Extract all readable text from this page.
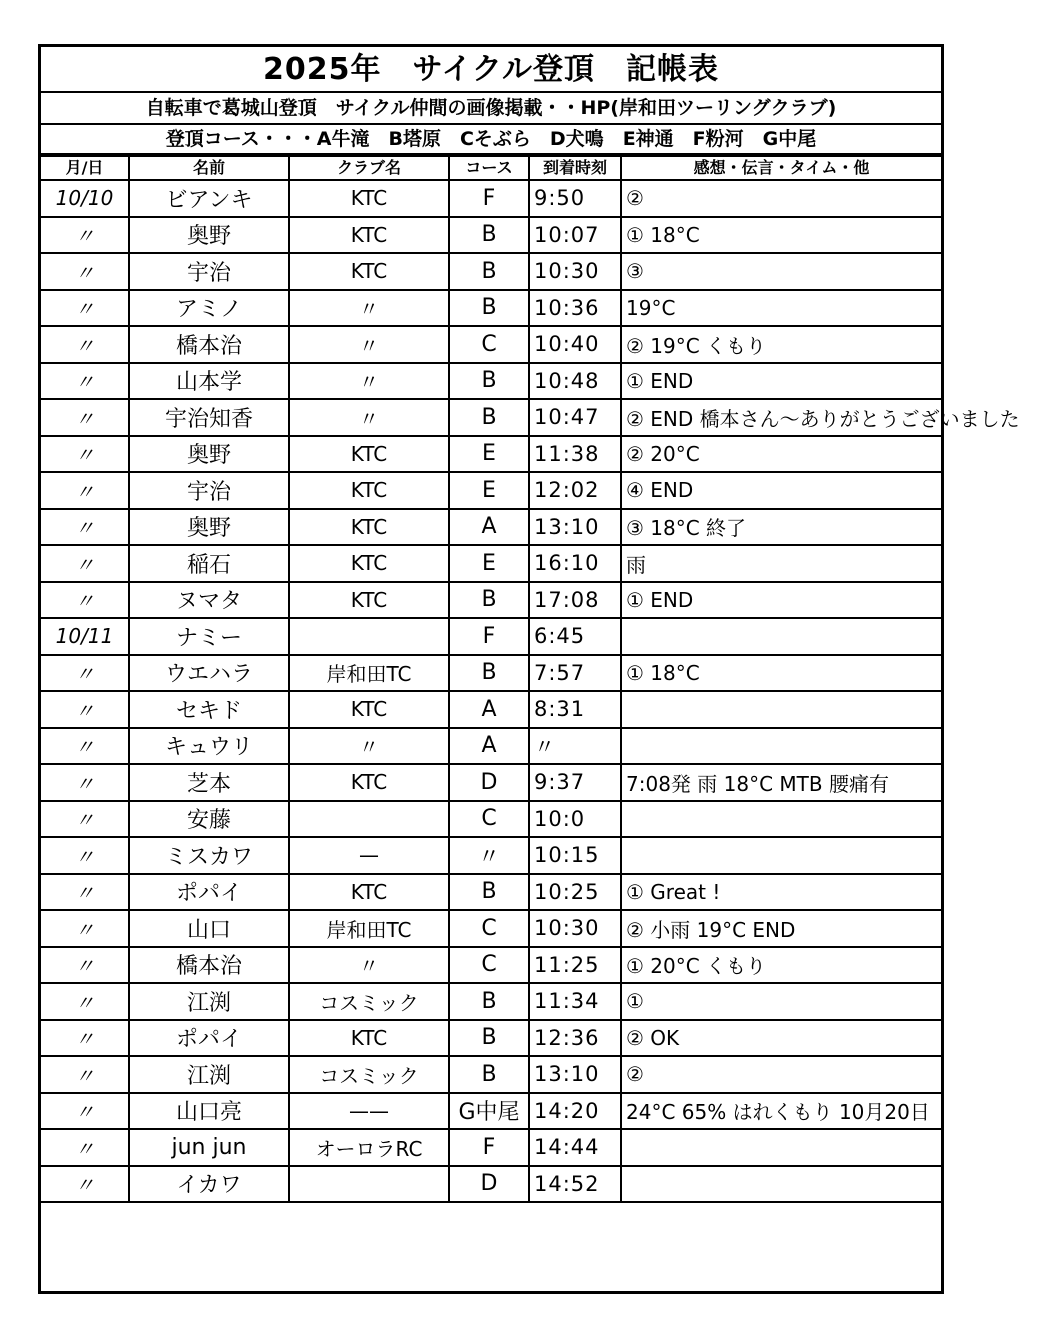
2025年　サイクル登頂　記帳表
自転車で葛城山登頂　サイクル仲間の画像掲載・・HP(岸和田ツーリングクラブ)
登頂コース・・・A牛滝　B塔原　Cそぶら　D犬鳴　E神通　F粉河　G中尾
月/日	名前	クラブ名	コース	到着時刻	感想・伝言・タイム・他
10/10	ビアンキ	KTC	F	9:50	②
〃	奥野	KTC	B	10:07	① 18°C
〃	宇治	KTC	B	10:30	③
〃	アミノ	〃	B	10:36	19°C
〃	橋本治	〃	C	10:40	② 19°C くもり
〃	山本学	〃	B	10:48	① END
〃	宇治知香	〃	B	10:47	② END 橋本さん〜ありがとうございました
〃	奥野	KTC	E	11:38	② 20°C
〃	宇治	KTC	E	12:02	④ END
〃	奥野	KTC	A	13:10	③ 18°C 終了
〃	稲石	KTC	E	16:10	雨
〃	ヌマタ	KTC	B	17:08	① END
10/11	ナミー		F	6:45	
〃	ウエハラ	岸和田TC	B	7:57	① 18°C
〃	セキド	KTC	A	8:31	
〃	キュウリ	〃	A	〃	
〃	芝本	KTC	D	9:37	7:08発 雨 18°C MTB 腰痛有
〃	安藤		C	10:0	
〃	ミスカワ	—	〃	10:15	
〃	ポパイ	KTC	B	10:25	① Great !
〃	山口	岸和田TC	C	10:30	② 小雨 19°C END
〃	橋本治	〃	C	11:25	① 20°C くもり
〃	江渕	コスミック	B	11:34	①
〃	ポパイ	KTC	B	12:36	② OK
〃	江渕	コスミック	B	13:10	②
〃	山口亮	——	G中尾	14:20	24°C 65% はれくもり 10月20日
〃	jun jun	オーロラRC	F	14:44	
〃	イカワ		D	14:52	
